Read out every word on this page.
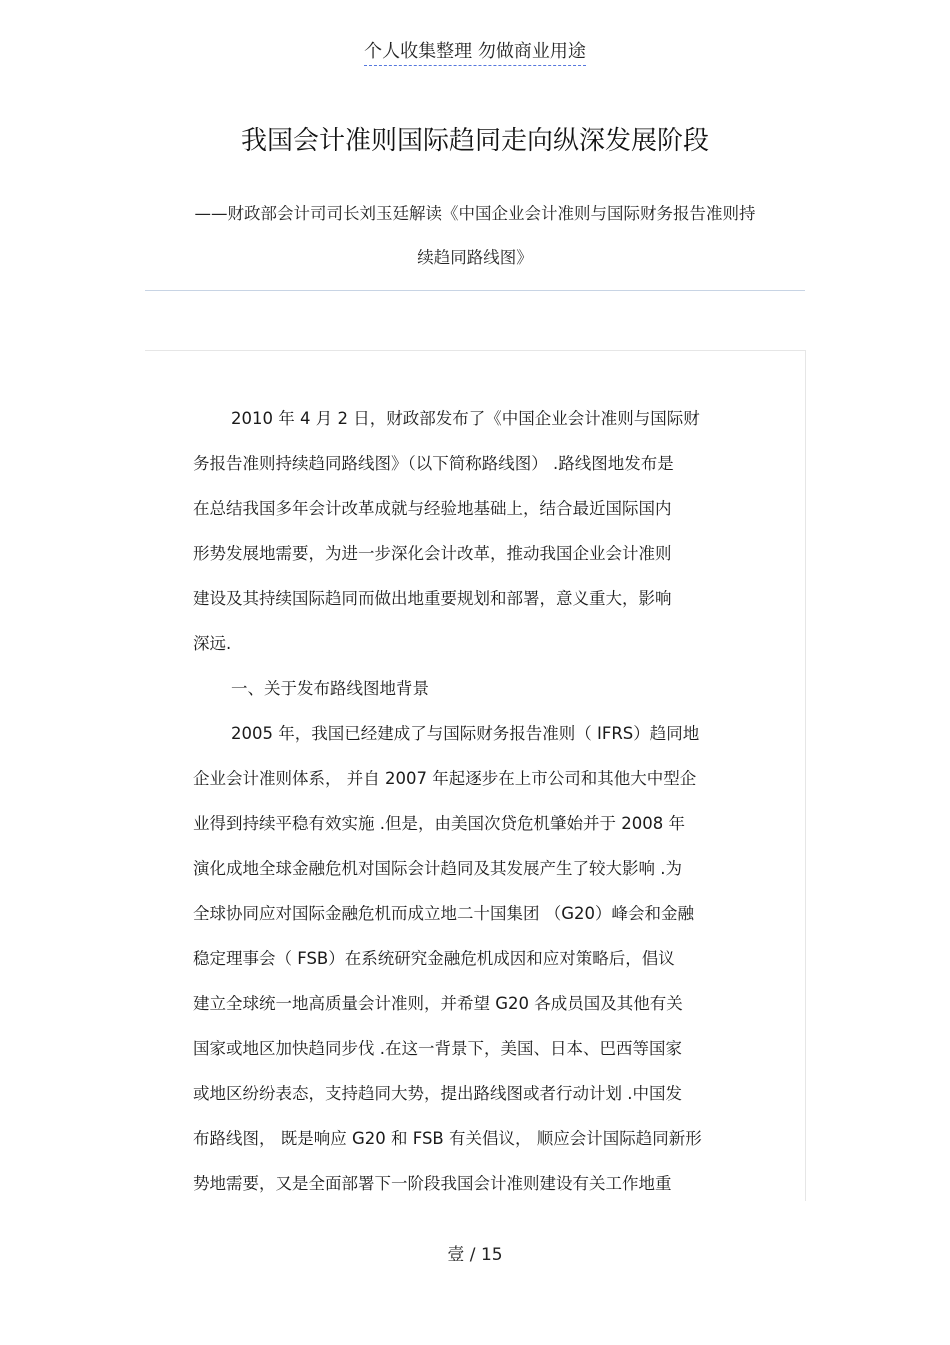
个人收集整理 勿做商业用途
我国会计准则国际趋同走向纵深发展阶段
——财政部会计司司长刘玉廷解读《中国企业会计准则与国际财务报告准则持
续趋同路线图》
2010 年 4 月 2 日，财政部发布了《中国企业会计准则与国际财
务报告准则持续趋同路线图》（以下简称路线图） .路线图地发布是
在总结我国多年会计改革成就与经验地基础上，结合最近国际国内
形势发展地需要，为进一步深化会计改革，推动我国企业会计准则
建设及其持续国际趋同而做出地重要规划和部署，意义重大，影响
深远.
一、关于发布路线图地背景
2005 年，我国已经建成了与国际财务报告准则（ IFRS）趋同地
企业会计准则体系， 并自 2007 年起逐步在上市公司和其他大中型企
业得到持续平稳有效实施 .但是，由美国次贷危机肇始并于 2008 年
演化成地全球金融危机对国际会计趋同及其发展产生了较大影响 .为
全球协同应对国际金融危机而成立地二十国集团 （G20）峰会和金融
稳定理事会（ FSB）在系统研究金融危机成因和应对策略后，倡议
建立全球统一地高质量会计准则，并希望 G20 各成员国及其他有关
国家或地区加快趋同步伐 .在这一背景下，美国、日本、巴西等国家
或地区纷纷表态，支持趋同大势，提出路线图或者行动计划 .中国发
布路线图， 既是响应 G20 和 FSB 有关倡议， 顺应会计国际趋同新形
势地需要，又是全面部署下一阶段我国会计准则建设有关工作地重
壹 / 15
